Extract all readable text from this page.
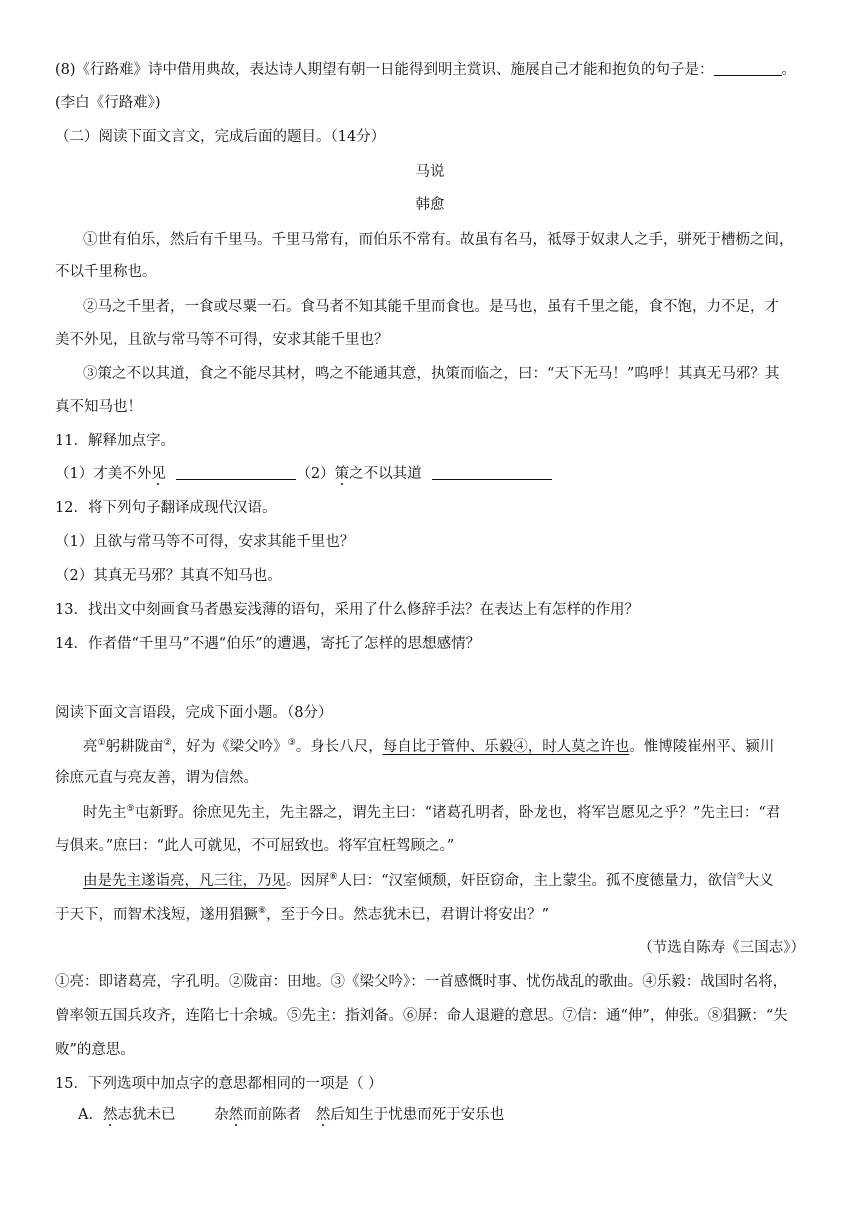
(8)《行路难》诗中借用典故，表达诗人期望有朝一日能得到明主赏识、施展自己才能和抱负的句子是：	。
(李白《行路难》)
（二）阅读下面文言文，完成后面的题目。（14分）
马说
韩愈
①世有伯乐，然后有千里马。千里马常有，而伯乐不常有。故虽有名马，祗辱于奴隶人之手，骈死于槽枥之间，
不以千里称也。
②马之千里者，一食或尽粟一石。食马者不知其能千里而食也。是马也，虽有千里之能，食不饱，力不足，才
美不外见，且欲与常马等不可得，安求其能千里也？
③策之不以其道，食之不能尽其材，鸣之不能通其意，执策而临之，曰：“天下无马！”呜呼！其真无马邪？其
真不知马也！
11．解释加点字。
（1）才美不外见	（2）策之不以其道
12．将下列句子翻译成现代汉语。
（1）且欲与常马等不可得，安求其能千里也？
（2）其真无马邪？其真不知马也。
13．找出文中刻画食马者愚妄浅薄的语句，采用了什么修辞手法？在表达上有怎样的作用？
14．作者借“千里马”不遇“伯乐”的遭遇，寄托了怎样的思想感情？
阅读下面文言语段，完成下面小题。（8分）
亮①躬耕陇亩②，好为《梁父吟》③。身长八尺，每自比于管仲、乐毅④，时人莫之许也。惟博陵崔州平、颍川
徐庶元直与亮友善，谓为信然。
时先主⑤屯新野。徐庶见先主，先主器之，谓先主曰：“诸葛孔明者，卧龙也，将军岂愿见之乎？”先主曰：“君
与俱来。”庶曰：“此人可就见，不可屈致也。将军宜枉驾顾之。”
由是先主遂诣亮，凡三往，乃见。因屏⑥人曰：“汉室倾颓，奸臣窃命，主上蒙尘。孤不度德量力，欲信⑦大义
于天下，而智术浅短，遂用猖獗⑧，至于今日。然志犹未已，君谓计将安出？”
（节选自陈寿《三国志》）
①亮：即诸葛亮，字孔明。②陇亩：田地。③《梁父吟》：一首感慨时事、忧伤战乱的歌曲。④乐毅：战国时名将，
曾率领五国兵攻齐，连陷七十余城。⑤先主：指刘备。⑥屏：命人退避的意思。⑦信：通“伸”，伸张。⑧猖獗：“失
败”的意思。
15．下列选项中加点字的意思都相同的一项是（ ）
A．然志犹未已	杂然而前陈者 然后知生于忧患而死于安乐也
